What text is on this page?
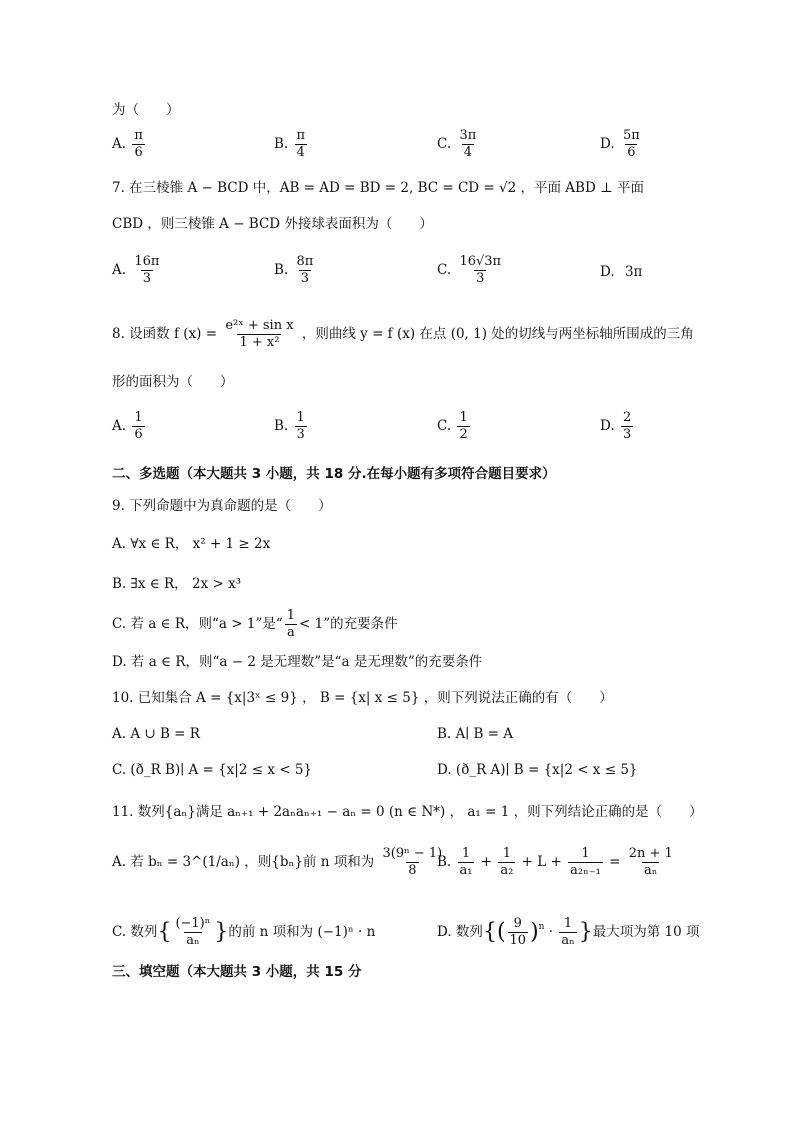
为（　　）
A. $\frac{\pi}{6}$	B. $\frac{\pi}{4}$	C. $\frac{3\pi}{4}$	D. $\frac{5\pi}{6}$
7. 在三棱锥 A − BCD 中，AB = AD = BD = 2, BC = CD = √2 ，平面 ABD ⊥ 平面
CBD ，则三棱锥 A − BCD 外接球表面积为（　　）
A. $\frac{16\pi}{3}$	B. $\frac{8\pi}{3}$	C. $\frac{16√3\pi}{3}$	D. 3π
8. 设函数 f $(x) = \frac{\text{e²ˣ + sin x}}{\text{1 + x²}}$ ，则曲线 y = f (x) 在点 (0, 1) 处的切线与两坐标轴所围成的三角
形的面积为（　　）
A. $\frac{1}{6}$	B. $\frac{1}{3}$	C. $\frac{1}{2}$	D. $\frac{2}{3}$
二、多选题（本大题共 3 小题，共 18 分.在每小题有多项符合题目要求）
9. 下列命题中为真命题的是（　　）
A. ∀x ∈ R， x² + 1 ≥ 2x
B. ∃x ∈ R， 2x > x³
C. 若 a ∈ R，则“a > 1”是“ $\frac{1}{a} < 1$”的充要条件
D. 若 a ∈ R，则“a − 2 是无理数”是“a 是无理数”的充要条件
10. 已知集合 A = {x|3ˣ ≤ 9} ， B = {x| x ≤ 5} ，则下列说法正确的有（　　）
A. A ∪ B = R	B. A∣ B = A
C. (ð_R B)∣ A = {x|2 ≤ x < 5}	D. (ð_R A)∣ B = {x|2 < x ≤ 5}
11. 数列{aₙ}满足 aₙ₊₁ + 2aₙaₙ₊₁ − aₙ = 0 (n ∈ N*) ， a₁ = 1 ，则下列结论正确的是（　　）
A. 若 bₙ = 3^(1/aₙ) ，则{bₙ}前 n 项和为 $\frac{\text{3(9ⁿ − 1)}}{8}$
B. $\frac{1}{\text{a₁}} + \frac{1}{\text{a₂}} + L + \frac{1}{\text{a₂ₙ₋₁}} = \frac{2n + 1}{\text{aₙ}}$
C. 数列{ $\frac{\text{(−1)ⁿ}}{\text{aₙ}}$ }的前 n 项和为 (−1)ⁿ · n	D. 数列{( $\frac{9}{10} )^n \cdot \frac{1}{\text{aₙ}}$ }最大项为第 10 项
三、填空题（本大题共 3 小题，共 15 分
